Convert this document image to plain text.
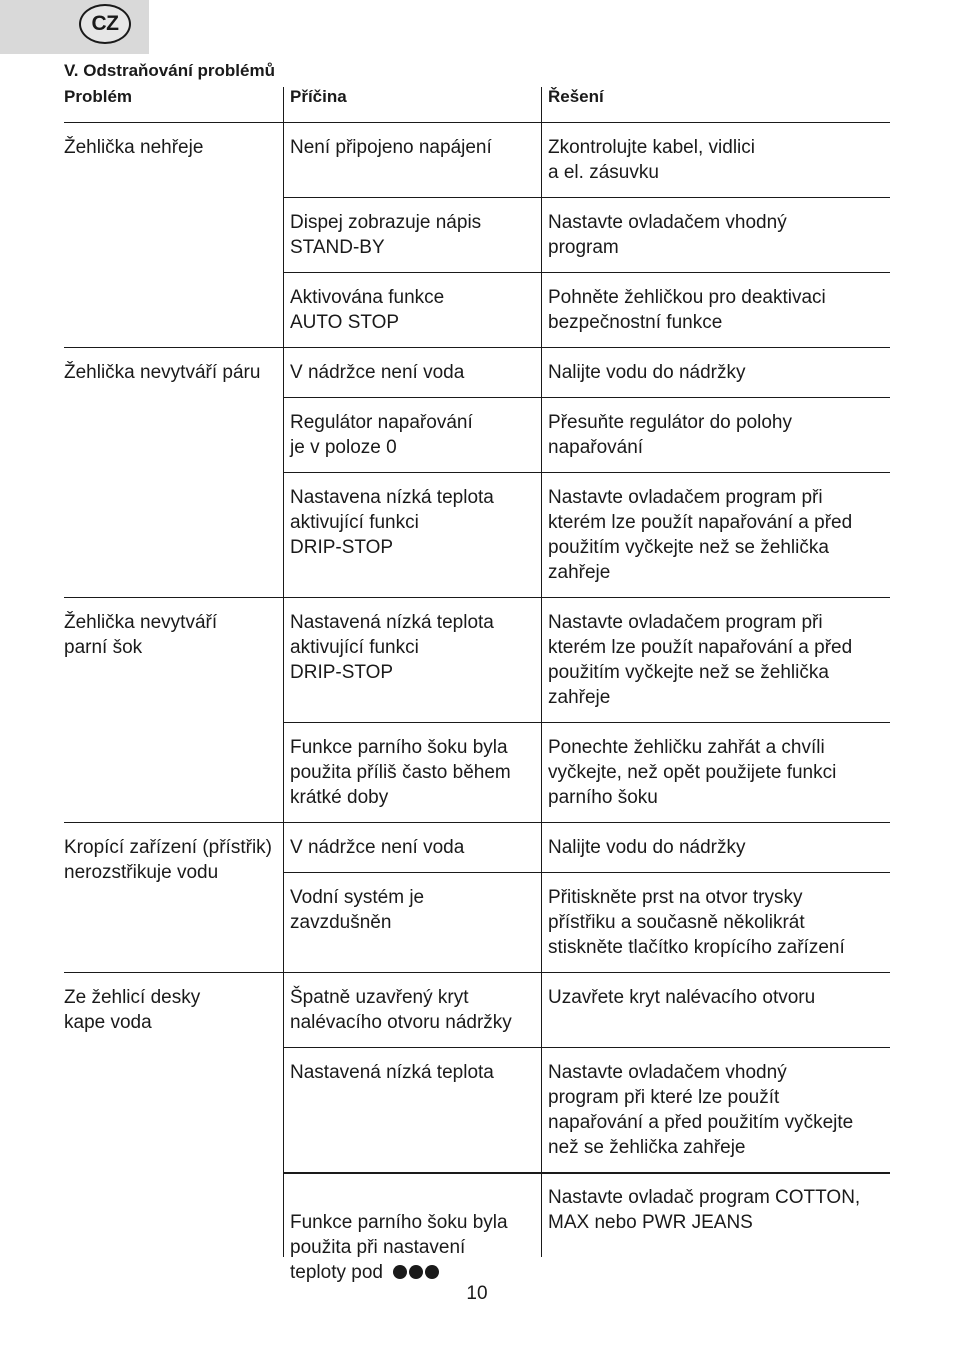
CZ
V. Odstraňování problémů
Problém	Příčina	Řešení
Žehlička nehřeje
Žehlička nevytváří páru
Žehlička nevytváří
parní šok
Kropící zařízení (přístřik)
nerozstřikuje vodu
Ze žehlicí desky
kape voda
Není připojeno napájení
Dispej zobrazuje nápis
STAND-BY
Aktivována funkce
AUTO STOP
V nádržce není voda
Regulátor napařování
je v poloze 0
Nastavena nízká teplota
aktivující funkci
DRIP-STOP
Nastavená nízká teplota
aktivující funkci
DRIP-STOP
Funkce parního šoku byla
použita příliš často během
krátké doby
V nádržce není voda
Vodní systém je
zavzdušněn
Špatně uzavřený kryt
nalévacího otvoru nádržky
Nastavená nízká teplota

Funkce parního šoku byla
použita při nastavení
teploty pod

Zkontrolujte kabel, vidlici
a el. zásuvku
Nastavte ovladačem vhodný
program
Pohněte žehličkou pro deaktivaci
bezpečnostní funkce
Nalijte vodu do nádržky
Přesuňte regulátor do polohy
napařování
Nastavte ovladačem program při
kterém lze použít napařování a před
použitím vyčkejte než se žehlička
zahřeje
Nastavte ovladačem program při
kterém lze použít napařování a před
použitím vyčkejte než se žehlička
zahřeje
Ponechte žehličku zahřát a chvíli
vyčkejte, než opět použijete funkci
parního šoku
Nalijte vodu do nádržky
Přitiskněte prst na otvor trysky
přístřiku a současně několikrát
stiskněte tlačítko kropícího zařízení
Uzavřete kryt nalévacího otvoru
Nastavte ovladačem vhodný
program při které lze použít
napařování a před použitím vyčkejte
než se žehlička zahřeje
Nastavte ovladač program COTTON,
MAX nebo PWR JEANS
10
